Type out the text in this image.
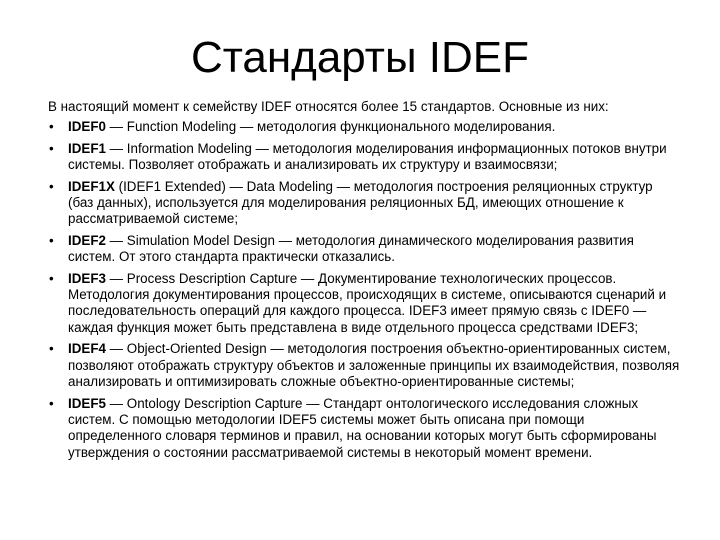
Стандарты IDEF

В настоящий момент к семейству IDEF относятся более 15 стандартов. Основные из них:

• IDEF0 — Function Modeling — методология функционального моделирования.
• IDEF1 — Information Modeling — методология моделирования информационных потоков внутри системы. Позволяет отображать и анализировать их структуру и взаимосвязи;
• IDEF1X (IDEF1 Extended) — Data Modeling — методология построения реляционных структур (баз данных), используется для моделирования реляционных БД, имеющих отношение к рассматриваемой системе;
• IDEF2 — Simulation Model Design — методология динамического моделирования развития систем. От этого стандарта практически отказались.
• IDEF3 — Process Description Capture — Документирование технологических процессов. Методология документирования процессов, происходящих в системе, описываются сценарий и последовательность операций для каждого процесса. IDEF3 имеет прямую связь с IDEF0 — каждая функция может быть представлена в виде отдельного процесса средствами IDEF3;
• IDEF4 — Object-Oriented Design — методология построения объектно-ориентированных систем, позволяют отображать структуру объектов и заложенные принципы их взаимодействия, позволяя анализировать и оптимизировать сложные объектно-ориентированные системы;
• IDEF5 — Ontology Description Capture — Стандарт онтологического исследования сложных систем. С помощью методологии IDEF5 системы может быть описана при помощи определенного словаря терминов и правил, на основании которых могут быть сформированы утверждения о состоянии рассматриваемой системы в некоторый момент времени.
